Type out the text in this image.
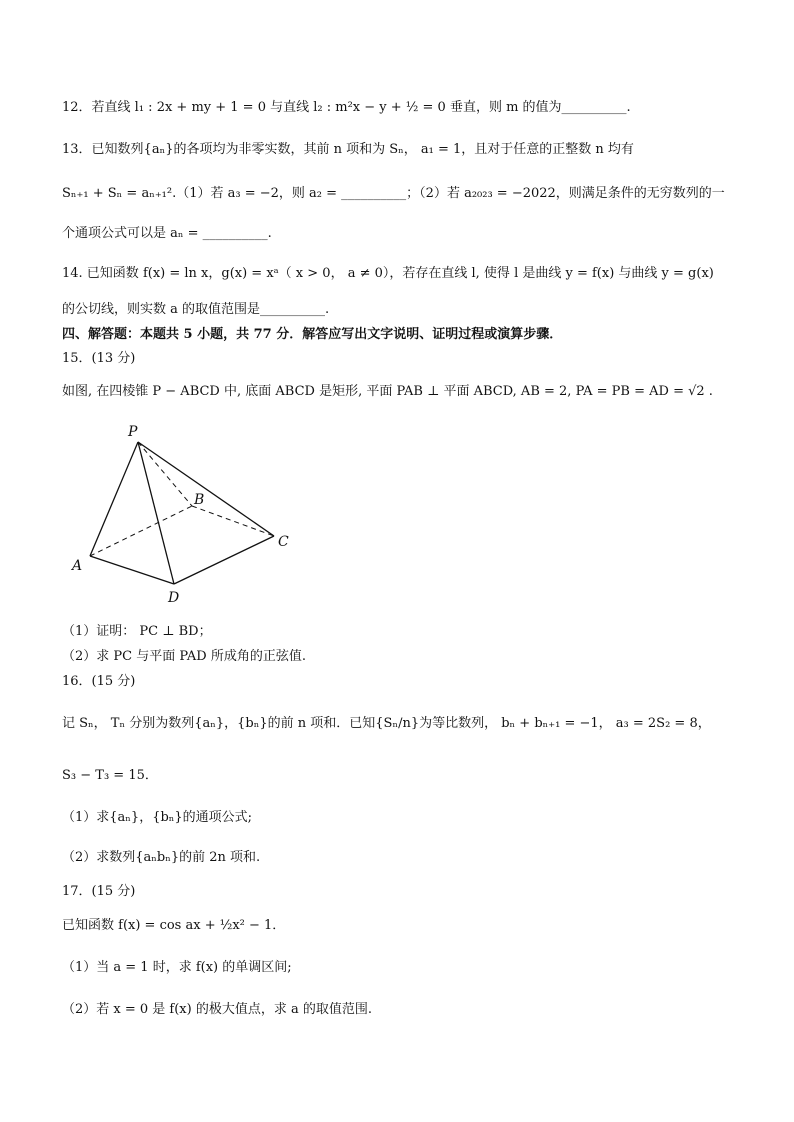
12．若直线 l₁ : 2x + my + 1 = 0 与直线 l₂ : m²x − y + ½ = 0 垂直，则 m 的值为__________.
13．已知数列{aₙ}的各项均为非零实数，其前 n 项和为 Sₙ， a₁ = 1，且对于任意的正整数 n 均有
Sₙ₊₁ + Sₙ = aₙ₊₁².（1）若 a₃ = −2，则 a₂ = __________；（2）若 a₂₀₂₃ = −2022，则满足条件的无穷数列的一
个通项公式可以是 aₙ = __________.
14. 已知函数 f(x) = ln x，g(x) = xᵃ（ x > 0， a ≠ 0），若存在直线 l, 使得 l 是曲线 y = f(x) 与曲线 y = g(x)
的公切线，则实数 a 的取值范围是__________.
四、解答题：本题共 5 小题，共 77 分．解答应写出文字说明、证明过程或演算步骤．
15．(13 分)
如图, 在四棱锥 P − ABCD 中, 底面 ABCD 是矩形, 平面 PAB ⊥ 平面 ABCD, AB = 2, PA = PB = AD = √2 .
P
A
B
C
D
（1）证明： PC ⊥ BD；
（2）求 PC 与平面 PAD 所成角的正弦值.
16．(15 分)
记 Sₙ， Tₙ 分别为数列{aₙ}，{bₙ}的前 n 项和．已知{Sₙ/n}为等比数列， bₙ + bₙ₊₁ = −1， a₃ = 2S₂ = 8，
S₃ − T₃ = 15．
（1）求{aₙ}，{bₙ}的通项公式;
（2）求数列{aₙbₙ}的前 2n 项和.
17．(15 分)
已知函数 f(x) = cos ax + ½x² − 1．
（1）当 a = 1 时，求 f(x) 的单调区间;
（2）若 x = 0 是 f(x) 的极大值点，求 a 的取值范围.
